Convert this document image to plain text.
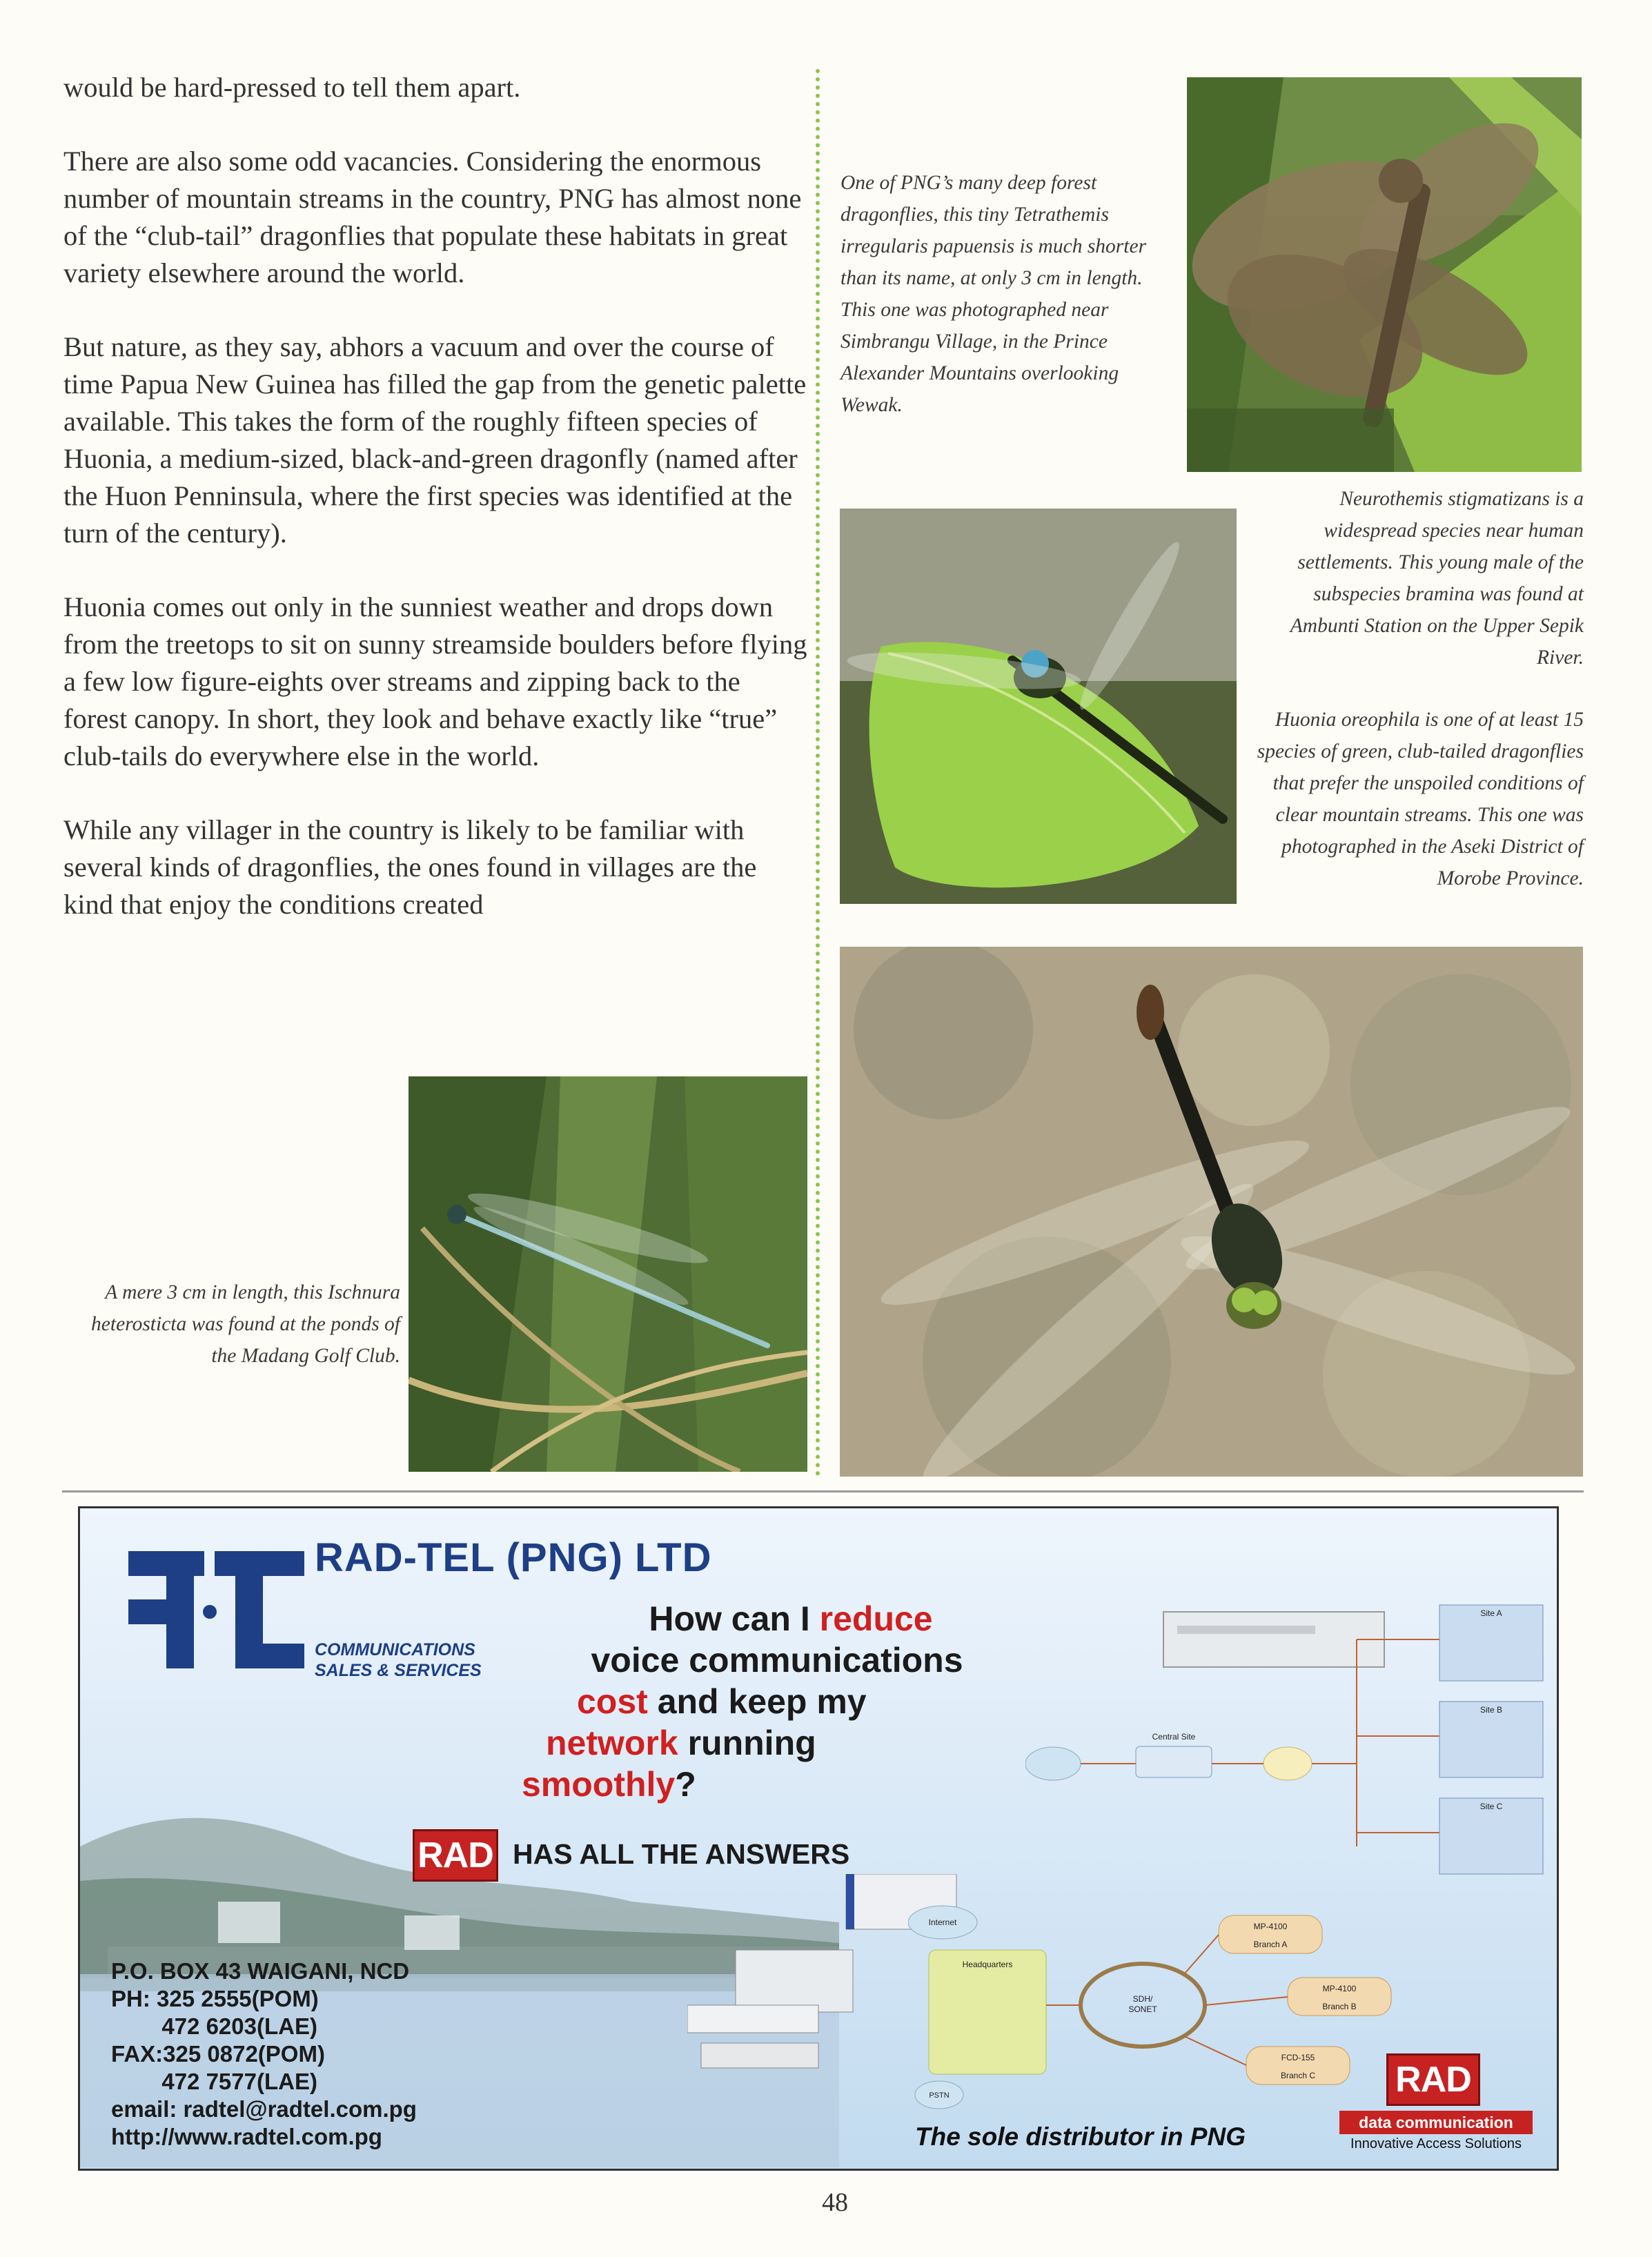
would be hard-pressed to tell them apart.

There are also some odd vacancies. Considering the enormous number of mountain streams in the country, PNG has almost none of the “club-tail” dragonflies that populate these habitats in great variety elsewhere around the world.

But nature, as they say, abhors a vacuum and over the course of time Papua New Guinea has filled the gap from the genetic palette available. This takes the form of the roughly fifteen species of Huonia, a medium-sized, black-and-green dragonfly (named after the Huon Penninsula, where the first species was identified at the turn of the century).

Huonia comes out only in the sunniest weather and drops down from the treetops to sit on sunny streamside boulders before flying a few low figure-eights over streams and zipping back to the forest canopy. In short, they look and behave exactly like “true” club-tails do everywhere else in the world.

While any villager in the country is likely to be familiar with several kinds of dragonflies, the ones found in villages are the kind that enjoy the conditions created

One of PNG’s many deep forest dragonflies, this tiny Tetrathemis irregularis papuensis is much shorter than its name, at only 3 cm in length. This one was photographed near Simbrangu Village, in the Prince Alexander Mountains overlooking Wewak.
Neurothemis stigmatizans is a widespread species near human settlements. This young male of the subspecies bramina was found at Ambunti Station on the Upper Sepik River.
Huonia oreophila is one of at least 15 species of green, club-tailed dragonflies that prefer the unspoiled conditions of clear mountain streams. This one was photographed in the Aseki District of Morobe Province.
A mere 3 cm in length, this Ischnura heterosticta was found at the ponds of the Madang Golf Club.
RAD-TEL (PNG) LTD
COMMUNICATIONS
SALES & SERVICES
How can I reduce
voice communications
cost and keep my
network running
smoothly?
RAD HAS ALL THE ANSWERS
Central Site
Site A
Site B
Site C
Internet
Headquarters
PSTN
SDH/
SONET
MP-4100
Branch A
MP-4100
Branch B
FCD-155
Branch C
P.O. BOX 43 WAIGANI, NCD
PH: 325 2555(POM)
472 6203(LAE)
FAX:325 0872(POM)
472 7577(LAE)
email: radtel@radtel.com.pg
http://www.radtel.com.pg	The sole distributor in PNG
RAD
data communication
Innovative Access Solutions
48
